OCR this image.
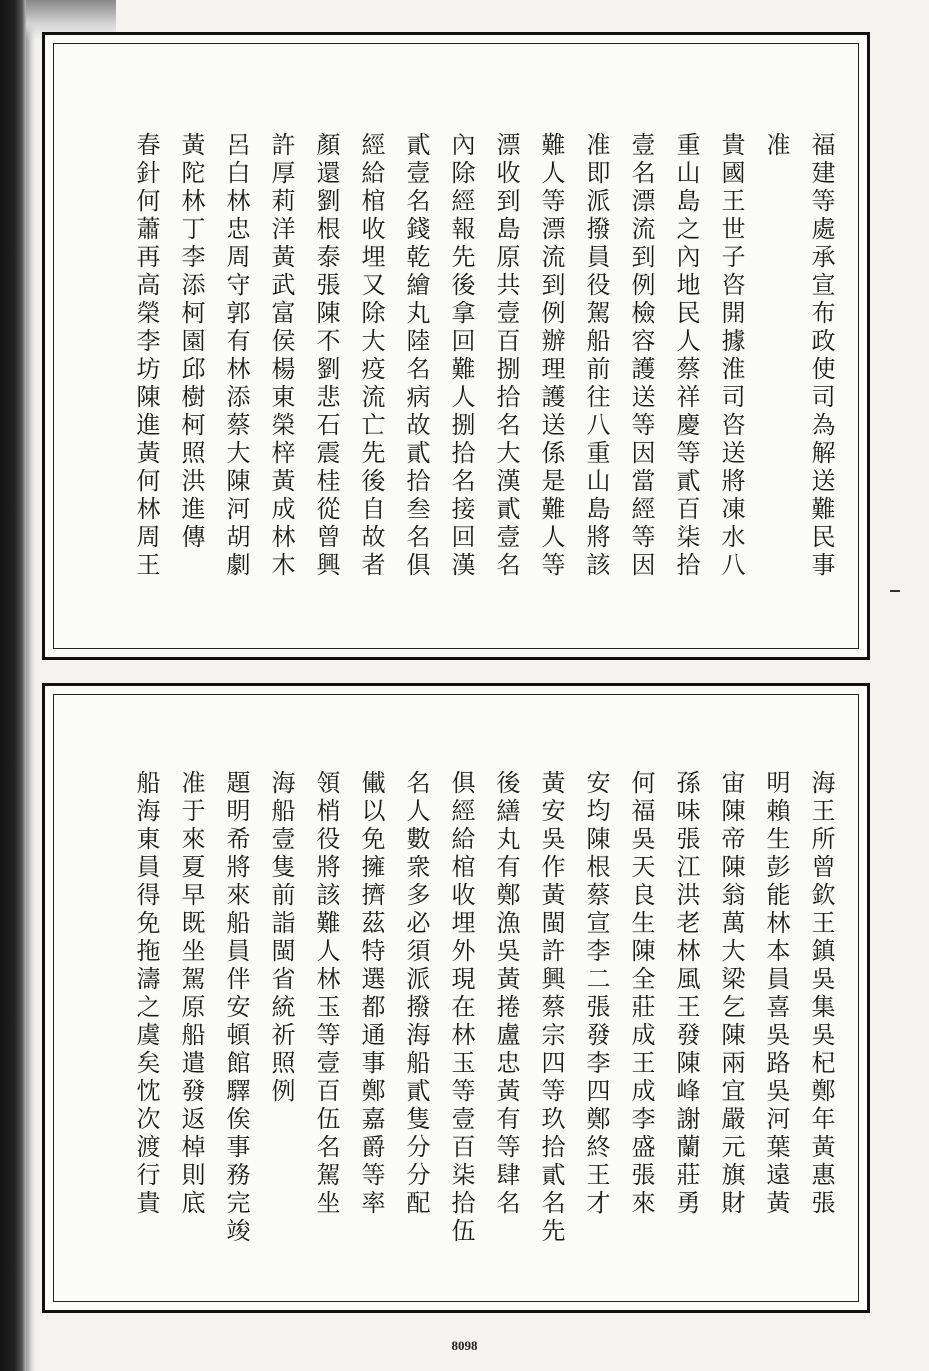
福建等處承宣布政使司為解送難民事
准
貴國王世子咨開據淮司咨送將凍水八
重山島之內地民人蔡祥慶等貳百柒拾
壹名漂流到例檢容護送等因當經等因
准即派撥員役駕船前往八重山島將該
難人等漂流到例辦理護送係是難人等
漂收到島原共壹百捌拾名大漢貳壹名
內除經報先後拿回難人捌拾名接回漢
貳壹名錢乾繪丸陸名病故貳拾叁名俱
經給棺收埋又除大疫流亡先後自故者
顏還劉根泰張陳不劉悲石震桂從曾興
許厚莉洋黃武富侯楊東榮梓黃成林木
呂白林忠周守郭有林添蔡大陳河胡劇
黃陀林丁李添柯園邱樹柯照洪進傳
春針何蕭再高榮李坊陳進黃何林周王
海王所曾欽王鎮吳集吳杞鄭年黃惠張
明賴生彭能林本員喜吳路吳河葉遠黃
宙陳帝陳翁萬大梁乞陳兩宜嚴元旗財
孫味張江洪老林風王發陳峰謝蘭莊勇
何福吳天良生陳全莊成王成李盛張來
安均陳根蔡宣李二張發李四鄭終王才
黃安吳作黃閩許興蔡宗四等玖拾貳名先
後繕丸有鄭漁吳黃捲盧忠黃有等肆名
俱經給棺收埋外現在林玉等壹百柒拾伍
名人數衆多必須派撥海船貳隻分分配
儎以免擁擠茲特選都通事鄭嘉爵等率
領梢役將該難人林玉等壹百伍名駕坐
海船壹隻前詣閩省統祈照例
題明希將來船員伴安頓館驛俟事務完竣
准于來夏早既坐駕原船遣發返棹則底
船海東員得免拖濤之虞矣忱次渡行貴
8098
